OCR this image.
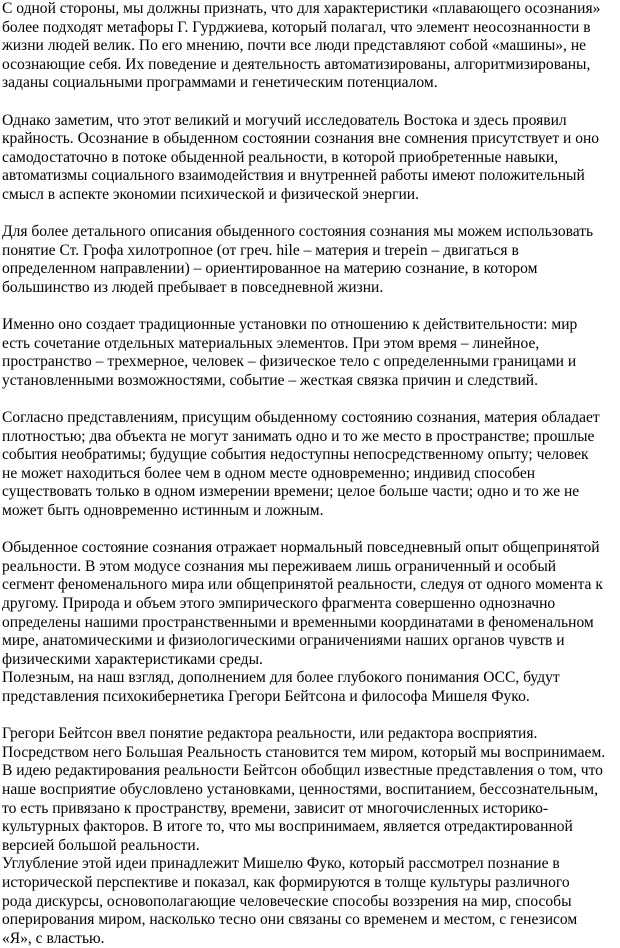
С одной стороны, мы должны признать, что для характеристики «плавающего осознания»
более подходят метафоры Г. Гурджиева, который полагал, что элемент неосознанности в
жизни людей велик. По его мнению, почти все люди представляют собой «машины», не
осознающие себя. Их поведение и деятельность автоматизированы, алгоритмизированы,
заданы социальными программами и генетическим потенциалом.
Однако заметим, что этот великий и могучий исследователь Востока и здесь проявил
крайность. Осознание в обыденном состоянии сознания вне сомнения присутствует и оно
самодостаточно в потоке обыденной реальности, в которой приобретенные навыки,
автоматизмы социального взаимодействия и внутренней работы имеют положительный
смысл в аспекте экономии психической и физической энергии.
Для более детального описания обыденного состояния сознания мы можем использовать
понятие Ст. Грофа хилотропное (от греч. hile – материя и trepein – двигаться в
определенном направлении) – ориентированное на материю сознание, в котором
большинство из людей пребывает в повседневной жизни.
Именно оно создает традиционные установки по отношению к действительности: мир
есть сочетание отдельных материальных элементов. При этом время – линейное,
пространство – трехмерное, человек – физическое тело с определенными границами и
установленными возможностями, событие – жесткая связка причин и следствий.
Согласно представлениям, присущим обыденному состоянию сознания, материя обладает
плотностью; два объекта не могут занимать одно и то же место в пространстве; прошлые
события необратимы; будущие события недоступны непосредственному опыту; человек
не может находиться более чем в одном месте одновременно; индивид способен
существовать только в одном измерении времени; целое больше части; одно и то же не
может быть одновременно истинным и ложным.
Обыденное состояние сознания отражает нормальный повседневный опыт общепринятой
реальности. В этом модусе сознания мы переживаем лишь ограниченный и особый
сегмент феноменального мира или общепринятой реальности, следуя от одного момента к
другому. Природа и объем этого эмпирического фрагмента совершенно однозначно
определены нашими пространственными и временными координатами в феноменальном
мире, анатомическими и физиологическими ограничениями наших органов чувств и
физическими характеристиками среды.
Полезным, на наш взгляд, дополнением для более глубокого понимания ОСС, будут
представления психокибернетика Грегори Бейтсона и философа Мишеля Фуко.
Грегори Бейтсон ввел понятие редактора реальности, или редактора восприятия.
Посредством него Большая Реальность становится тем миром, который мы воспринимаем.
В идею редактирования реальности Бейтсон обобщил известные представления о том, что
наше восприятие обусловлено установками, ценностями, воспитанием, бессознательным,
то есть привязано к пространству, времени, зависит от многочисленных историко-
культурных факторов. В итоге то, что мы воспринимаем, является отредактированной
версией большой реальности.
Углубление этой идеи принадлежит Мишелю Фуко, который рассмотрел познание в
исторической перспективе и показал, как формируются в толще культуры различного
рода дискурсы, основополагающие человеческие способы воззрения на мир, способы
оперирования миром, насколько тесно они связаны со временем и местом, с генезисом
«Я», с властью.
